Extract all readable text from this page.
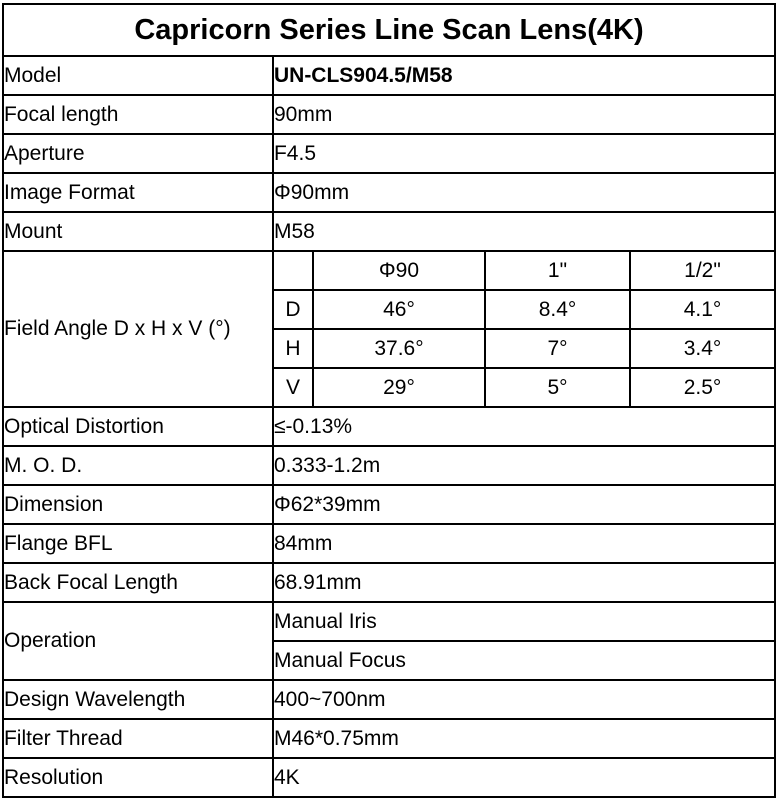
Capricorn Series Line Scan Lens(4K)				
Model	UN-CLS904.5/M58			
Focal length	90mm			
Aperture	F4.5			
Image Format	Φ90mm			
Mount	M58			
Field Angle D x H x V (°)		Φ90	1"	1/2"
	D	46°	8.4°	4.1°
	H	37.6°	7°	3.4°
	V	29°	5°	2.5°
Optical Distortion	≤-0.13%			
M. O. D.	0.333-1.2m			
Dimension	Φ62*39mm			
Flange BFL	84mm			
Back Focal Length	68.91mm			
Operation	Manual Iris			
	Manual Focus			
Design Wavelength	400~700nm			
Filter Thread	M46*0.75mm			
Resolution	4K			
